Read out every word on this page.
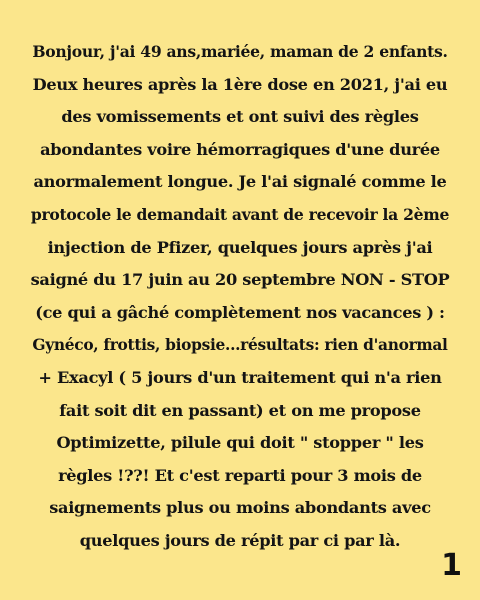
Bonjour, j'ai 49 ans,mariée, maman de 2 enfants.
Deux heures après la 1ère dose en 2021, j'ai eu
des vomissements et ont suivi des règles
abondantes voire hémorragiques d'une durée
anormalement longue. Je l'ai signalé comme le
protocole le demandait avant de recevoir la 2ème
injection de Pfizer, quelques jours après j'ai
saigné du 17 juin au 20 septembre NON - STOP
(ce qui a gâché complètement nos vacances ) :
Gynéco, frottis, biopsie...résultats: rien d'anormal
+ Exacyl ( 5 jours d'un traitement qui n'a rien
fait soit dit en passant) et on me propose
Optimizette, pilule qui doit " stopper " les
règles !??! Et c'est reparti pour 3 mois de
saignements plus ou moins abondants avec
quelques jours de répit par ci par là.
1
